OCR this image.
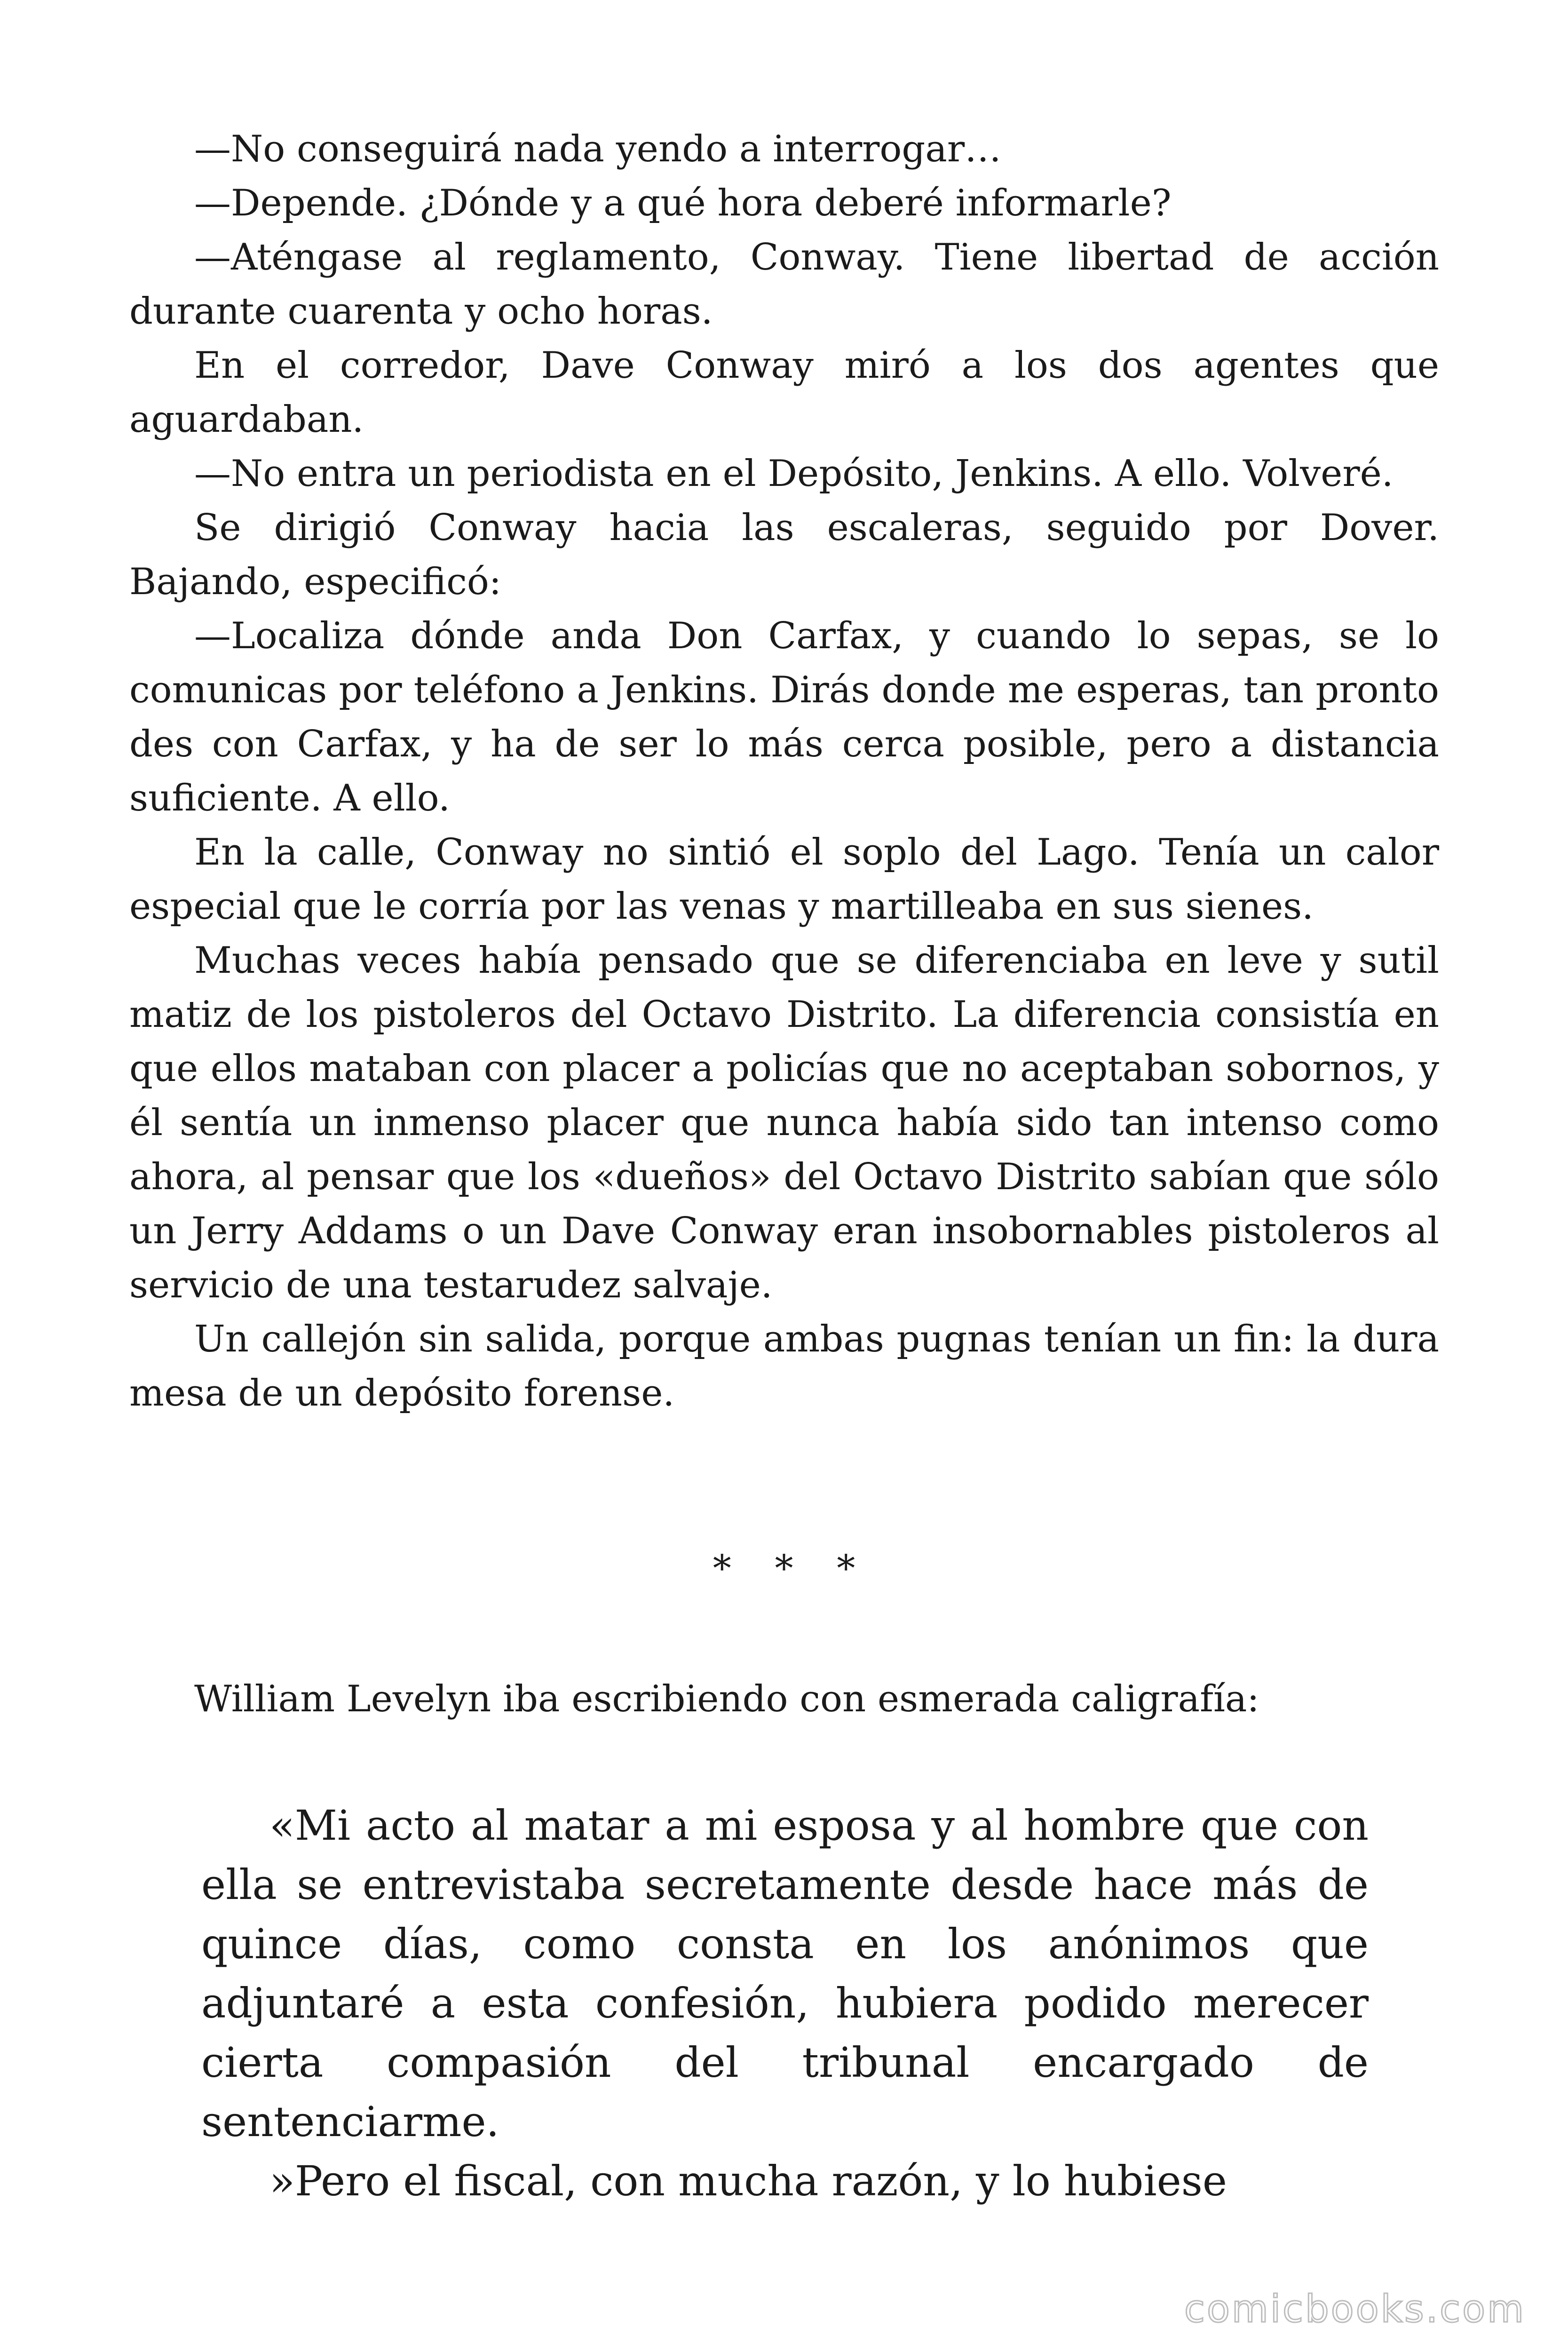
—No conseguirá nada yendo a interrogar…

—Depende. ¿Dónde y a qué hora deberé informarle?

—Aténgase al reglamento, Conway. Tiene libertad de acción durante cuarenta y ocho horas.

En el corredor, Dave Conway miró a los dos agentes que aguardaban.

—No entra un periodista en el Depósito, Jenkins. A ello. Volveré.

Se dirigió Conway hacia las escaleras, seguido por Dover. Bajando, especificó:

—Localiza dónde anda Don Carfax, y cuando lo sepas, se lo comunicas por teléfono a Jenkins. Dirás donde me esperas, tan pronto des con Carfax, y ha de ser lo más cerca posible, pero a distancia suficiente. A ello.

En la calle, Conway no sintió el soplo del Lago. Tenía un calor especial que le corría por las venas y martilleaba en sus sienes.

Muchas veces había pensado que se diferenciaba en leve y sutil matiz de los pistoleros del Octavo Distrito. La diferencia consistía en que ellos mataban con placer a policías que no aceptaban sobornos, y él sentía un inmenso placer que nunca había sido tan intenso como ahora, al pensar que los «dueños» del Octavo Distrito sabían que sólo un Jerry Addams o un Dave Conway eran insobornables pistoleros al servicio de una testarudez salvaje.

Un callejón sin salida, porque ambas pugnas tenían un fin: la dura mesa de un depósito forense.

* * *

William Levelyn iba escribiendo con esmerada caligrafía:

«Mi acto al matar a mi esposa y al hombre que con ella se entrevistaba secretamente desde hace más de quince días, como consta en los anónimos que adjuntaré a esta confesión, hubiera podido merecer cierta compasión del tribunal encargado de sentenciarme.

»Pero el fiscal, con mucha razón, y lo hubiese

comicbooks.com
